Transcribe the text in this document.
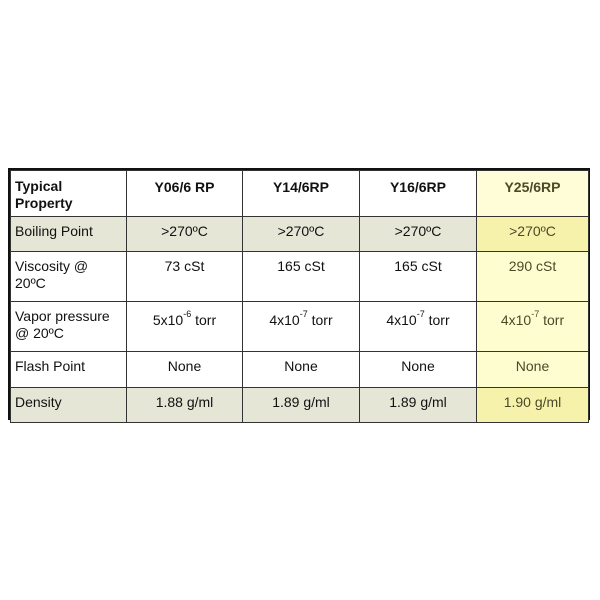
Typical
Property	Y06/6 RP	Y14/6RP	Y16/6RP	Y25/6RP
Boiling Point	>270ºC	>270ºC	>270ºC	>270ºC
Viscosity @
20ºC	73 cSt	165 cSt	165 cSt	290 cSt
Vapor pressure
@ 20ºC	$5x10^{-6}$ torr	$4x10^{-7}$ torr	$4x10^{-7}$ torr	$4x10^{-7}$ torr
Flash Point	None	None	None	None
Density	1.88 g/ml	1.89 g/ml	1.89 g/ml	1.90 g/ml
